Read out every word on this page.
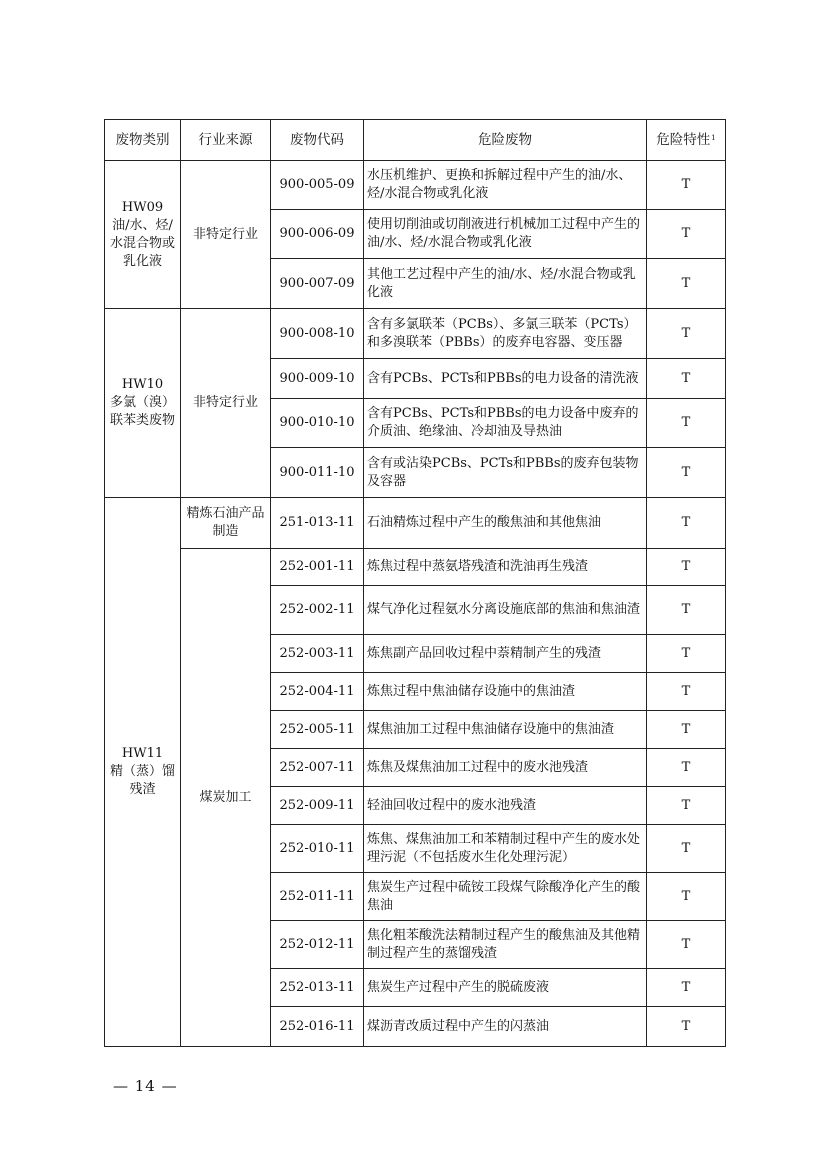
废物类别	行业来源	废物代码	危险废物	危险特性$^1$

HW09
油/水、烃/水混合物或乳化液	非特定行业	900-005-09	水压机维护、更换和拆解过程中产生的油/水、烃/水混合物或乳化液	T
		900-006-09	使用切削油或切削液进行机械加工过程中产生的油/水、烃/水混合物或乳化液	T
		900-007-09	其他工艺过程中产生的油/水、烃/水混合物或乳化液	T

HW10
多氯（溴）联苯类废物	非特定行业	900-008-10	含有多氯联苯（PCBs）、多氯三联苯（PCTs）和多溴联苯（PBBs）的废弃电容器、变压器	T
		900-009-10	含有PCBs、PCTs和PBBs的电力设备的清洗液	T
		900-010-10	含有PCBs、PCTs和PBBs的电力设备中废弃的介质油、绝缘油、冷却油及导热油	T
		900-011-10	含有或沾染PCBs、PCTs和PBBs的废弃包装物及容器	T

HW11
精（蒸）馏残渣	精炼石油产品制造	251-013-11	石油精炼过程中产生的酸焦油和其他焦油	T
	煤炭加工	252-001-11	炼焦过程中蒸氨塔残渣和洗油再生残渣	T
		252-002-11	煤气净化过程氨水分离设施底部的焦油和焦油渣	T
		252-003-11	炼焦副产品回收过程中萘精制产生的残渣	T
		252-004-11	炼焦过程中焦油储存设施中的焦油渣	T
		252-005-11	煤焦油加工过程中焦油储存设施中的焦油渣	T
		252-007-11	炼焦及煤焦油加工过程中的废水池残渣	T
		252-009-11	轻油回收过程中的废水池残渣	T
		252-010-11	炼焦、煤焦油加工和苯精制过程中产生的废水处理污泥（不包括废水生化处理污泥）	T
		252-011-11	焦炭生产过程中硫铵工段煤气除酸净化产生的酸焦油	T
		252-012-11	焦化粗苯酸洗法精制过程产生的酸焦油及其他精制过程产生的蒸馏残渣	T
		252-013-11	焦炭生产过程中产生的脱硫废液	T
		252-016-11	煤沥青改质过程中产生的闪蒸油	T
— 14 —
